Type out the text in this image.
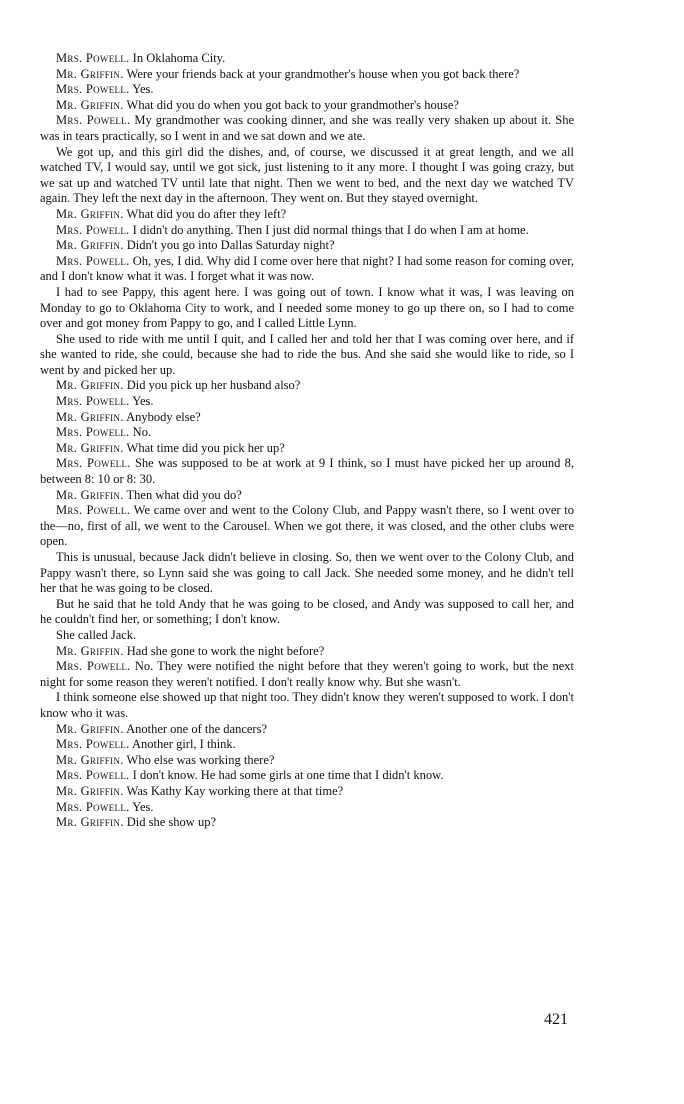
Mrs. Powell. In Oklahoma City.

Mr. Griffin. Were your friends back at your grandmother's house when you got back there?

Mrs. Powell. Yes.

Mr. Griffin. What did you do when you got back to your grandmother's house?

Mrs. Powell. My grandmother was cooking dinner, and she was really very shaken up about it. She was in tears practically, so I went in and we sat down and we ate.

We got up, and this girl did the dishes, and, of course, we discussed it at great length, and we all watched TV, I would say, until we got sick, just listening to it any more. I thought I was going crazy, but we sat up and watched TV until late that night. Then we went to bed, and the next day we watched TV again. They left the next day in the afternoon. They went on. But they stayed overnight.

Mr. Griffin. What did you do after they left?

Mrs. Powell. I didn't do anything. Then I just did normal things that I do when I am at home.

Mr. Griffin. Didn't you go into Dallas Saturday night?

Mrs. Powell. Oh, yes, I did. Why did I come over here that night? I had some reason for coming over, and I don't know what it was. I forget what it was now.

I had to see Pappy, this agent here. I was going out of town. I know what it was, I was leaving on Monday to go to Oklahoma City to work, and I needed some money to go up there on, so I had to come over and got money from Pappy to go, and I called Little Lynn.

She used to ride with me until I quit, and I called her and told her that I was coming over here, and if she wanted to ride, she could, because she had to ride the bus. And she said she would like to ride, so I went by and picked her up.

Mr. Griffin. Did you pick up her husband also?

Mrs. Powell. Yes.

Mr. Griffin. Anybody else?

Mrs. Powell. No.

Mr. Griffin. What time did you pick her up?

Mrs. Powell. She was supposed to be at work at 9 I think, so I must have picked her up around 8, between 8: 10 or 8: 30.

Mr. Griffin. Then what did you do?

Mrs. Powell. We came over and went to the Colony Club, and Pappy wasn't there, so I went over to the—no, first of all, we went to the Carousel. When we got there, it was closed, and the other clubs were open.

This is unusual, because Jack didn't believe in closing. So, then we went over to the Colony Club, and Pappy wasn't there, so Lynn said she was going to call Jack. She needed some money, and he didn't tell her that he was going to be closed.

But he said that he told Andy that he was going to be closed, and Andy was supposed to call her, and he couldn't find her, or something; I don't know.

She called Jack.

Mr. Griffin. Had she gone to work the night before?

Mrs. Powell. No. They were notified the night before that they weren't going to work, but the next night for some reason they weren't notified. I don't really know why. But she wasn't.

I think someone else showed up that night too. They didn't know they weren't supposed to work. I don't know who it was.

Mr. Griffin. Another one of the dancers?

Mrs. Powell. Another girl, I think.

Mr. Griffin. Who else was working there?

Mrs. Powell. I don't know. He had some girls at one time that I didn't know.

Mr. Griffin. Was Kathy Kay working there at that time?

Mrs. Powell. Yes.

Mr. Griffin. Did she show up?

421
